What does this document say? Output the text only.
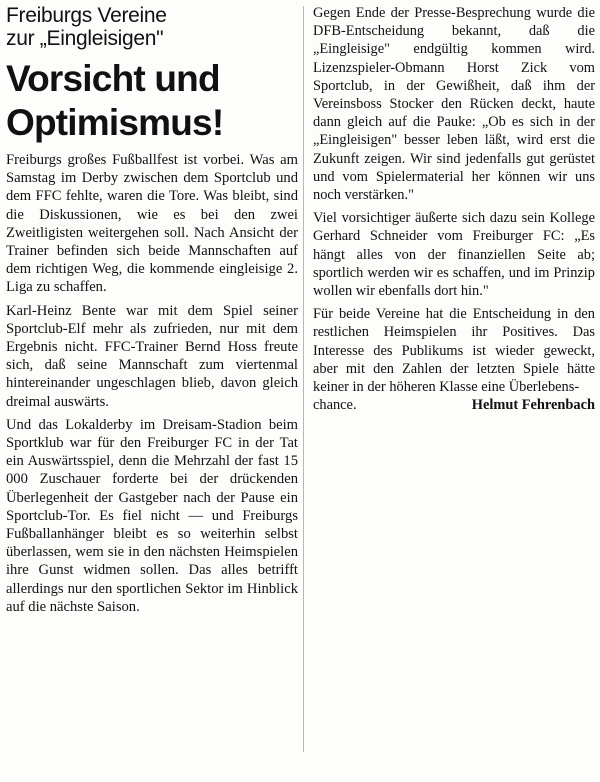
Freiburgs Vereine

zur „Eingleisigen"

Vorsicht und
Optimismus!

Freiburgs großes Fußballfest ist vorbei. Was am Samstag im Derby zwischen dem Sportclub und dem FFC fehlte, waren die Tore. Was bleibt, sind die Diskussionen, wie es bei den zwei Zweitligisten weitergehen soll. Nach Ansicht der Trainer befinden sich beide Mannschaften auf dem richtigen Weg, die kommende eingleisige 2. Liga zu schaffen.

Karl-Heinz Bente war mit dem Spiel seiner Sportclub-Elf mehr als zufrieden, nur mit dem Ergebnis nicht. FFC-Trainer Bernd Hoss freute sich, daß seine Mannschaft zum viertenmal hintereinander ungeschlagen blieb, davon gleich dreimal auswärts.

Und das Lokalderby im Dreisam-Stadion beim Sportklub war für den Freiburger FC in der Tat ein Auswärtsspiel, denn die Mehrzahl der fast 15 000 Zuschauer forderte bei der drückenden Überlegenheit der Gastgeber nach der Pause ein Sportclub-Tor. Es fiel nicht — und Freiburgs Fußballanhänger bleibt es so weiterhin selbst überlassen, wem sie in den nächsten Heimspielen ihre Gunst widmen sollen. Das alles betrifft allerdings nur den sportlichen Sektor im Hinblick auf die nächste Saison.

Gegen Ende der Presse-Besprechung wurde die DFB-Entscheidung bekannt, daß die „Eingleisige" endgültig kommen wird. Lizenzspieler-Obmann Horst Zick vom Sportclub, in der Gewißheit, daß ihm der Vereinsboss Stocker den Rücken deckt, haute dann gleich auf die Pauke: „Ob es sich in der „Eingleisigen" besser leben läßt, wird erst die Zukunft zeigen. Wir sind jedenfalls gut gerüstet und vom Spielermaterial her können wir uns noch verstärken."

Viel vorsichtiger äußerte sich dazu sein Kollege Gerhard Schneider vom Freiburger FC: „Es hängt alles von der finanziellen Seite ab; sportlich werden wir es schaffen, und im Prinzip wollen wir ebenfalls dort hin."

Für beide Vereine hat die Entscheidung in den restlichen Heimspielen ihr Positives. Das Interesse des Publikums ist wieder geweckt, aber mit den Zahlen der letzten Spiele hätte keiner in der höheren Klasse eine Überlebens-

chance.	Helmut Fehrenbach
